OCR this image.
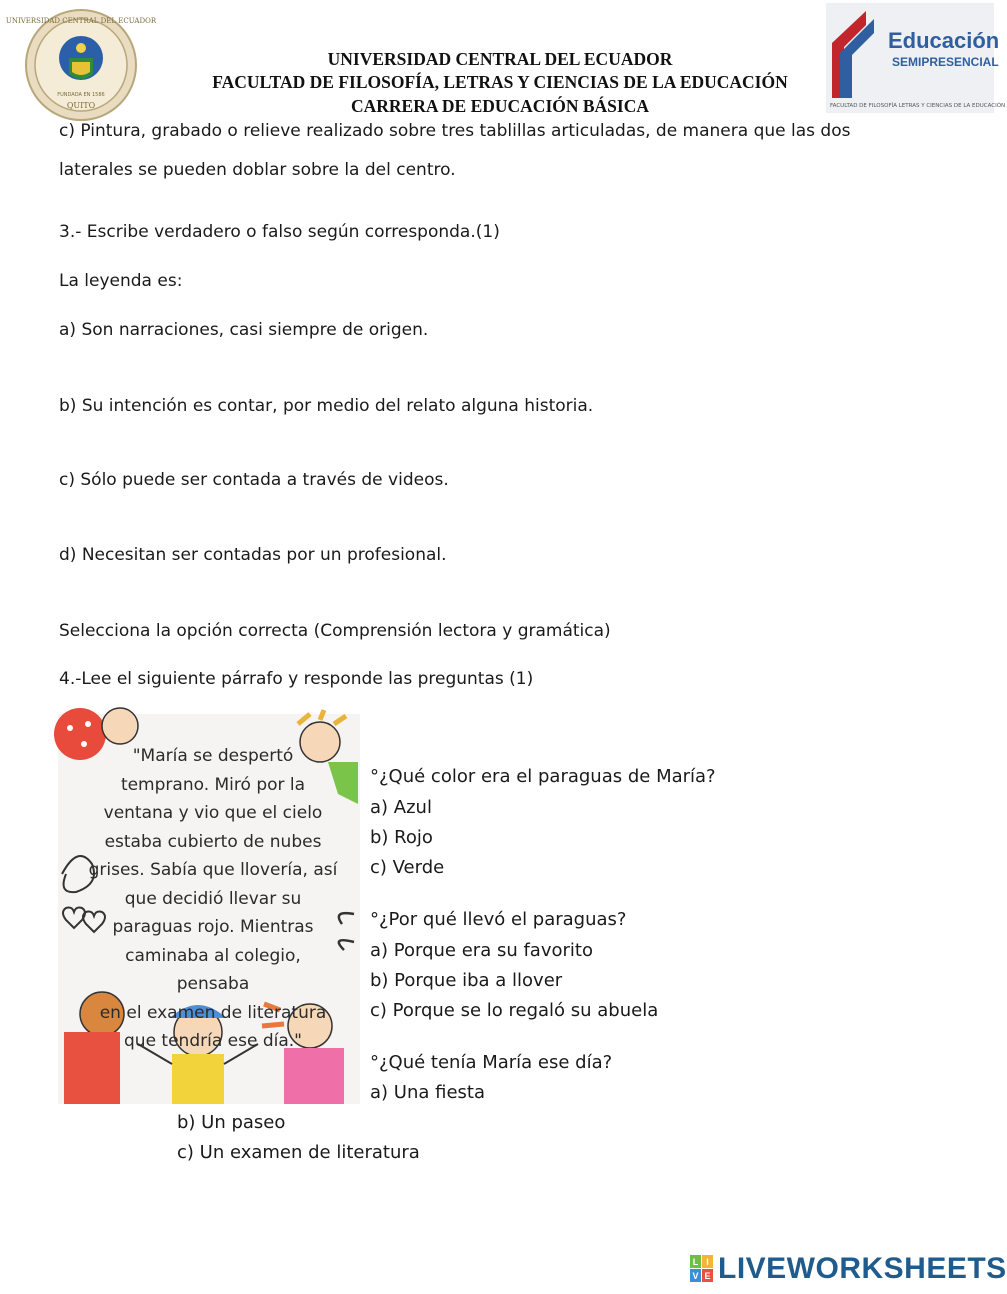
UNIVERSIDAD CENTRAL DEL ECUADOR
FUNDADA EN 1586
QUITO
UNIVERSIDAD CENTRAL DEL ECUADOR
FACULTAD DE FILOSOFÍA, LETRAS Y CIENCIAS DE LA EDUCACIÓN
CARRERA DE EDUCACIÓN BÁSICA
Educación
SEMIPRESENCIAL
FACULTAD DE FILOSOFÍA LETRAS Y CIENCIAS DE LA EDUCACIÓN
c) Pintura, grabado o relieve realizado sobre tres tablillas articuladas, de manera que las dos
laterales se pueden doblar sobre la del centro.
3.- Escribe verdadero o falso según corresponda.(1)
La leyenda es:
a) Son narraciones, casi siempre de origen.
b) Su intención es contar, por medio del relato alguna historia.
c) Sólo puede ser contada a través de videos.
d) Necesitan ser contadas por un profesional.
Selecciona la opción correcta (Comprensión lectora y gramática)
4.-Lee el siguiente párrafo y responde las preguntas (1)
"María se despertó
temprano. Miró por la
ventana y vio que el cielo
estaba cubierto de nubes
grises. Sabía que llovería, así
que decidió llevar su
paraguas rojo. Mientras
caminaba al colegio, pensaba
en el examen de literatura
que tendría ese día."
°¿Qué color era el paraguas de María?
a) Azul
b) Rojo
c) Verde
°¿Por qué llevó el paraguas?
a) Porque era su favorito
b) Porque iba a llover
c) Porque se lo regaló su abuela
°¿Qué tenía María ese día?
a) Una fiesta
b) Un paseo
c) Un examen de literatura
L I
V E LIVEWORKSHEETS
